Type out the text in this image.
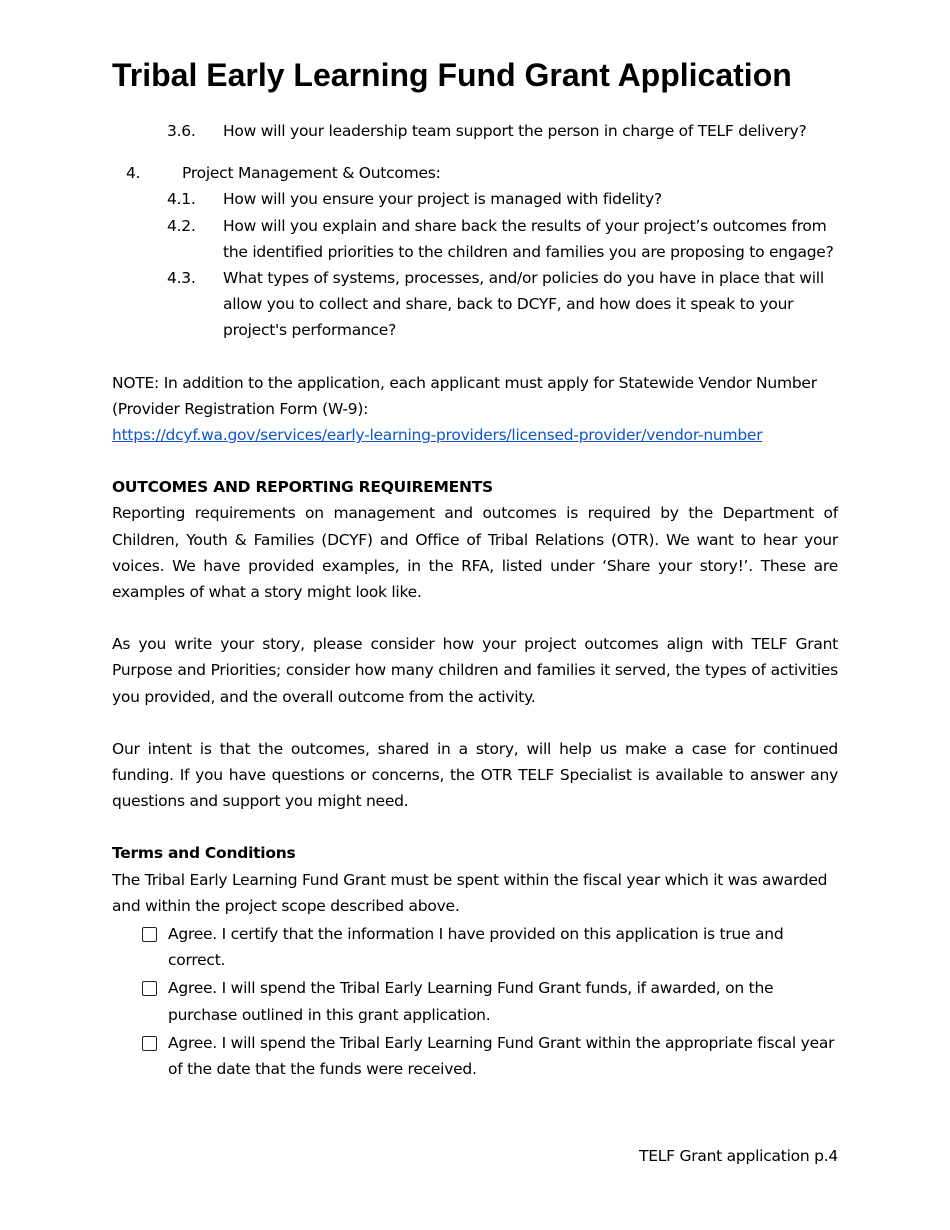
Tribal Early Learning Fund Grant Application
3.6.	How will your leadership team support the person in charge of TELF delivery?
4.	Project Management & Outcomes:
4.1.	How will you ensure your project is managed with fidelity?
4.2.	How will you explain and share back the results of your project’s outcomes from the identified priorities to the children and families you are proposing to engage?
4.3.	What types of systems, processes, and/or policies do you have in place that will allow you to collect and share, back to DCYF, and how does it speak to your project's performance?
NOTE: In addition to the application, each applicant must apply for Statewide Vendor Number (Provider Registration Form (W-9):
https://dcyf.wa.gov/services/early-learning-providers/licensed-provider/vendor-number
OUTCOMES AND REPORTING REQUIREMENTS
Reporting requirements on management and outcomes is required by the Department of Children, Youth & Families (DCYF) and Office of Tribal Relations (OTR). We want to hear your voices. We have provided examples, in the RFA, listed under ‘Share your story!’. These are examples of what a story might look like.
As you write your story, please consider how your project outcomes align with TELF Grant Purpose and Priorities; consider how many children and families it served, the types of activities you provided, and the overall outcome from the activity.
Our intent is that the outcomes, shared in a story, will help us make a case for continued funding. If you have questions or concerns, the OTR TELF Specialist is available to answer any questions and support you might need.
Terms and Conditions
The Tribal Early Learning Fund Grant must be spent within the fiscal year which it was awarded and within the project scope described above.
Agree. I certify that the information I have provided on this application is true and correct.
Agree. I will spend the Tribal Early Learning Fund Grant funds, if awarded, on the purchase outlined in this grant application.
Agree. I will spend the Tribal Early Learning Fund Grant within the appropriate fiscal year of the date that the funds were received.
TELF Grant application p.4
